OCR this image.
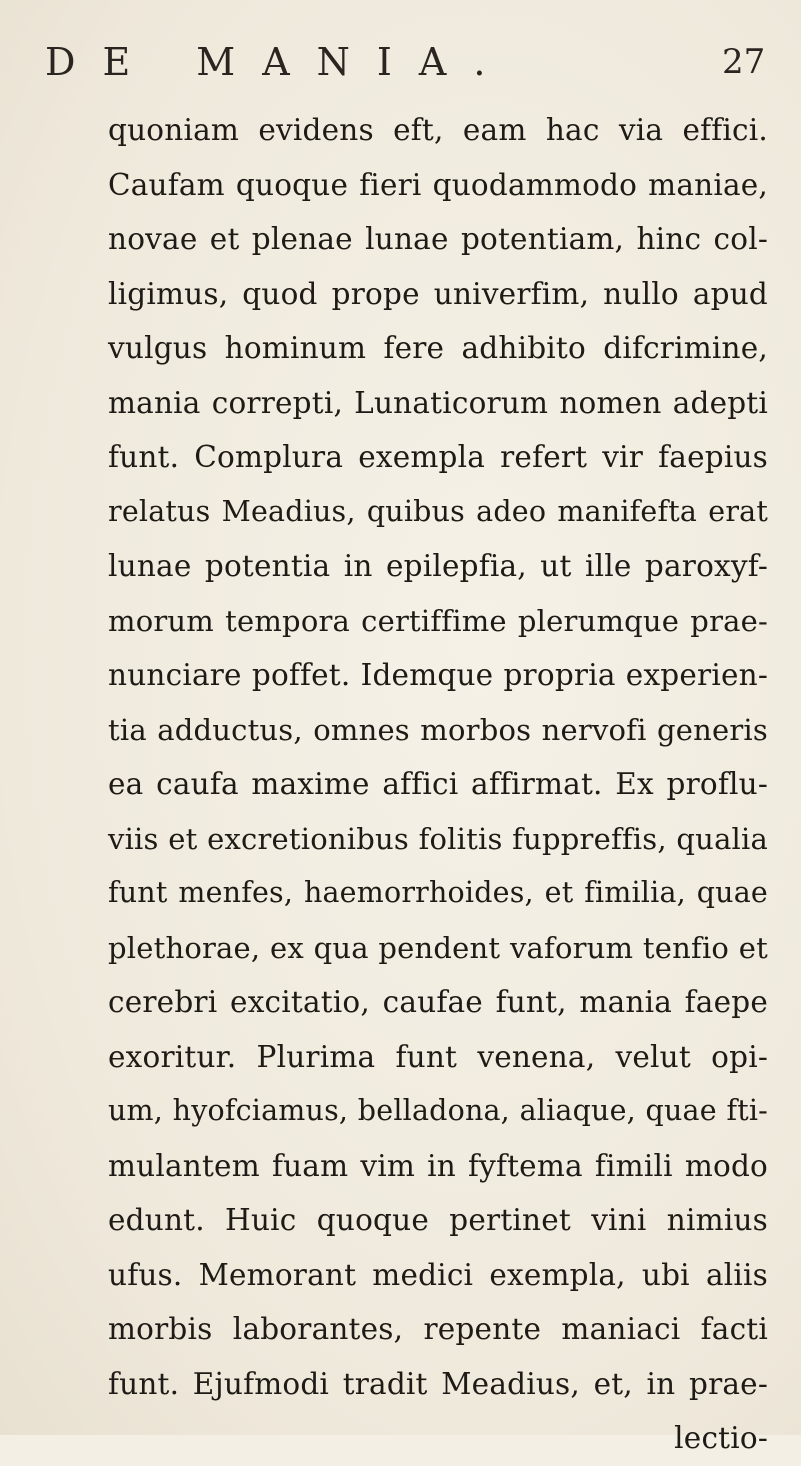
DE MANIA.	27
quoniam evidens eft, eam hac via effici.
Caufam quoque fieri quodammodo maniae,
novae et plenae lunae potentiam, hinc col-
ligimus, quod prope univerfim, nullo apud
vulgus hominum fere adhibito difcrimine,
mania correpti, Lunaticorum nomen adepti
funt. Complura exempla refert vir faepius
relatus Meadius, quibus adeo manifefta erat
lunae potentia in epilepfia, ut ille paroxyf-
morum tempora certiffime plerumque prae-
nunciare poffet. Idemque propria experien-
tia adductus, omnes morbos nervofi generis
ea caufa maxime affici affirmat. Ex proflu-
viis et excretionibus folitis fuppreffis, qualia
funt menfes, haemorrhoides, et fimilia, quae
plethorae, ex qua pendent vaforum tenfio et
cerebri excitatio, caufae funt, mania faepe
exoritur. Plurima funt venena, velut opi-
um, hyofciamus, belladona, aliaque, quae fti-
mulantem fuam vim in fyftema fimili modo
edunt. Huic quoque pertinet vini nimius
ufus. Memorant medici exempla, ubi aliis
morbis laborantes, repente maniaci facti
funt. Ejufmodi tradit Meadius, et, in prae-
lectio-
